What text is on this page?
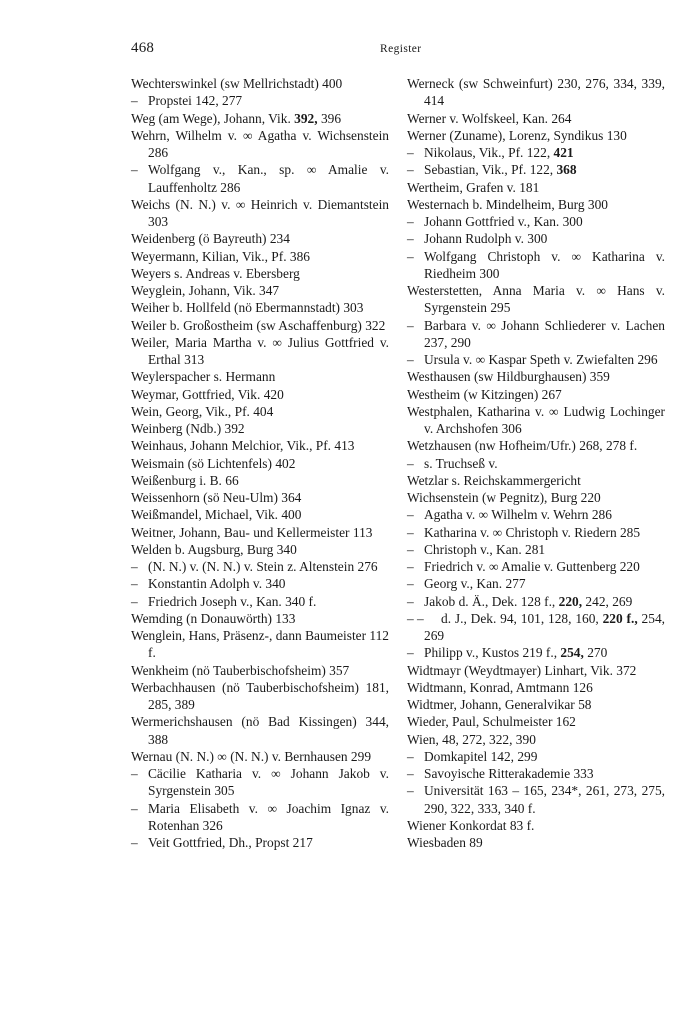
468	Register

Wechterswinkel (sw Mellrichstadt) 400

– Propstei 142, 277

Weg (am Wege), Johann, Vik. 392, 396

Wehrn, Wilhelm v. ∞ Agatha v. Wichsenstein 286

– Wolfgang v., Kan., sp. ∞ Amalie v. Lauffenholtz 286

Weichs (N. N.) v. ∞ Heinrich v. Diemantstein 303

Weidenberg (ö Bayreuth) 234

Weyermann, Kilian, Vik., Pf. 386

Weyers s. Andreas v. Ebersberg

Weyglein, Johann, Vik. 347

Weiher b. Hollfeld (nö Ebermannstadt) 303

Weiler b. Großostheim (sw Aschaffenburg) 322

Weiler, Maria Martha v. ∞ Julius Gottfried v. Erthal 313

Weylerspacher s. Hermann

Weymar, Gottfried, Vik. 420

Wein, Georg, Vik., Pf. 404

Weinberg (Ndb.) 392

Weinhaus, Johann Melchior, Vik., Pf. 413

Weismain (sö Lichtenfels) 402

Weißenburg i. B. 66

Weissenhorn (sö Neu-Ulm) 364

Weißmandel, Michael, Vik. 400

Weitner, Johann, Bau- und Kellermeister 113

Welden b. Augsburg, Burg 340

– (N. N.) v. (N. N.) v. Stein z. Altenstein 276

– Konstantin Adolph v. 340

– Friedrich Joseph v., Kan. 340 f.

Wemding (n Donauwörth) 133

Wenglein, Hans, Präsenz-, dann Baumeister 112 f.

Wenkheim (nö Tauberbischofsheim) 357

Werbachhausen (nö Tauberbischofsheim) 181, 285, 389

Wermerichshausen (nö Bad Kissingen) 344, 388

Wernau (N. N.) ∞ (N. N.) v. Bernhausen 299

– Cäcilie Katharia v. ∞ Johann Jakob v. Syrgenstein 305

– Maria Elisabeth v. ∞ Joachim Ignaz v. Rotenhan 326

– Veit Gottfried, Dh., Propst 217

Werneck (sw Schweinfurt) 230, 276, 334, 339, 414

Werner v. Wolfskeel, Kan. 264

Werner (Zuname), Lorenz, Syndikus 130

– Nikolaus, Vik., Pf. 122, 421

– Sebastian, Vik., Pf. 122, 368

Wertheim, Grafen v. 181

Westernach b. Mindelheim, Burg 300

– Johann Gottfried v., Kan. 300

– Johann Rudolph v. 300

– Wolfgang Christoph v. ∞ Katharina v. Riedheim 300

Westerstetten, Anna Maria v. ∞ Hans v. Syrgenstein 295

– Barbara v. ∞ Johann Schliederer v. Lachen 237, 290

– Ursula v. ∞ Kaspar Speth v. Zwiefalten 296

Westhausen (sw Hildburghausen) 359

Westheim (w Kitzingen) 267

Westphalen, Katharina v. ∞ Ludwig Lochinger v. Archshofen 306

Wetzhausen (nw Hofheim/Ufr.) 268, 278 f.

– s. Truchseß v.

Wetzlar s. Reichskammergericht

Wichsenstein (w Pegnitz), Burg 220

– Agatha v. ∞ Wilhelm v. Wehrn 286

– Katharina v. ∞ Christoph v. Riedern 285

– Christoph v., Kan. 281

– Friedrich v. ∞ Amalie v. Guttenberg 220

– Georg v., Kan. 277

– Jakob d. Ä., Dek. 128 f., 220, 242, 269

– – d. J., Dek. 94, 101, 128, 160, 220 f., 254, 269

– Philipp v., Kustos 219 f., 254, 270

Widtmayr (Weydtmayer) Linhart, Vik. 372

Widtmann, Konrad, Amtmann 126

Widtmer, Johann, Generalvikar 58

Wieder, Paul, Schulmeister 162

Wien, 48, 272, 322, 390

– Domkapitel 142, 299

– Savoyische Ritterakademie 333

– Universität 163 – 165, 234*, 261, 273, 275, 290, 322, 333, 340 f.

Wiener Konkordat 83 f.

Wiesbaden 89
